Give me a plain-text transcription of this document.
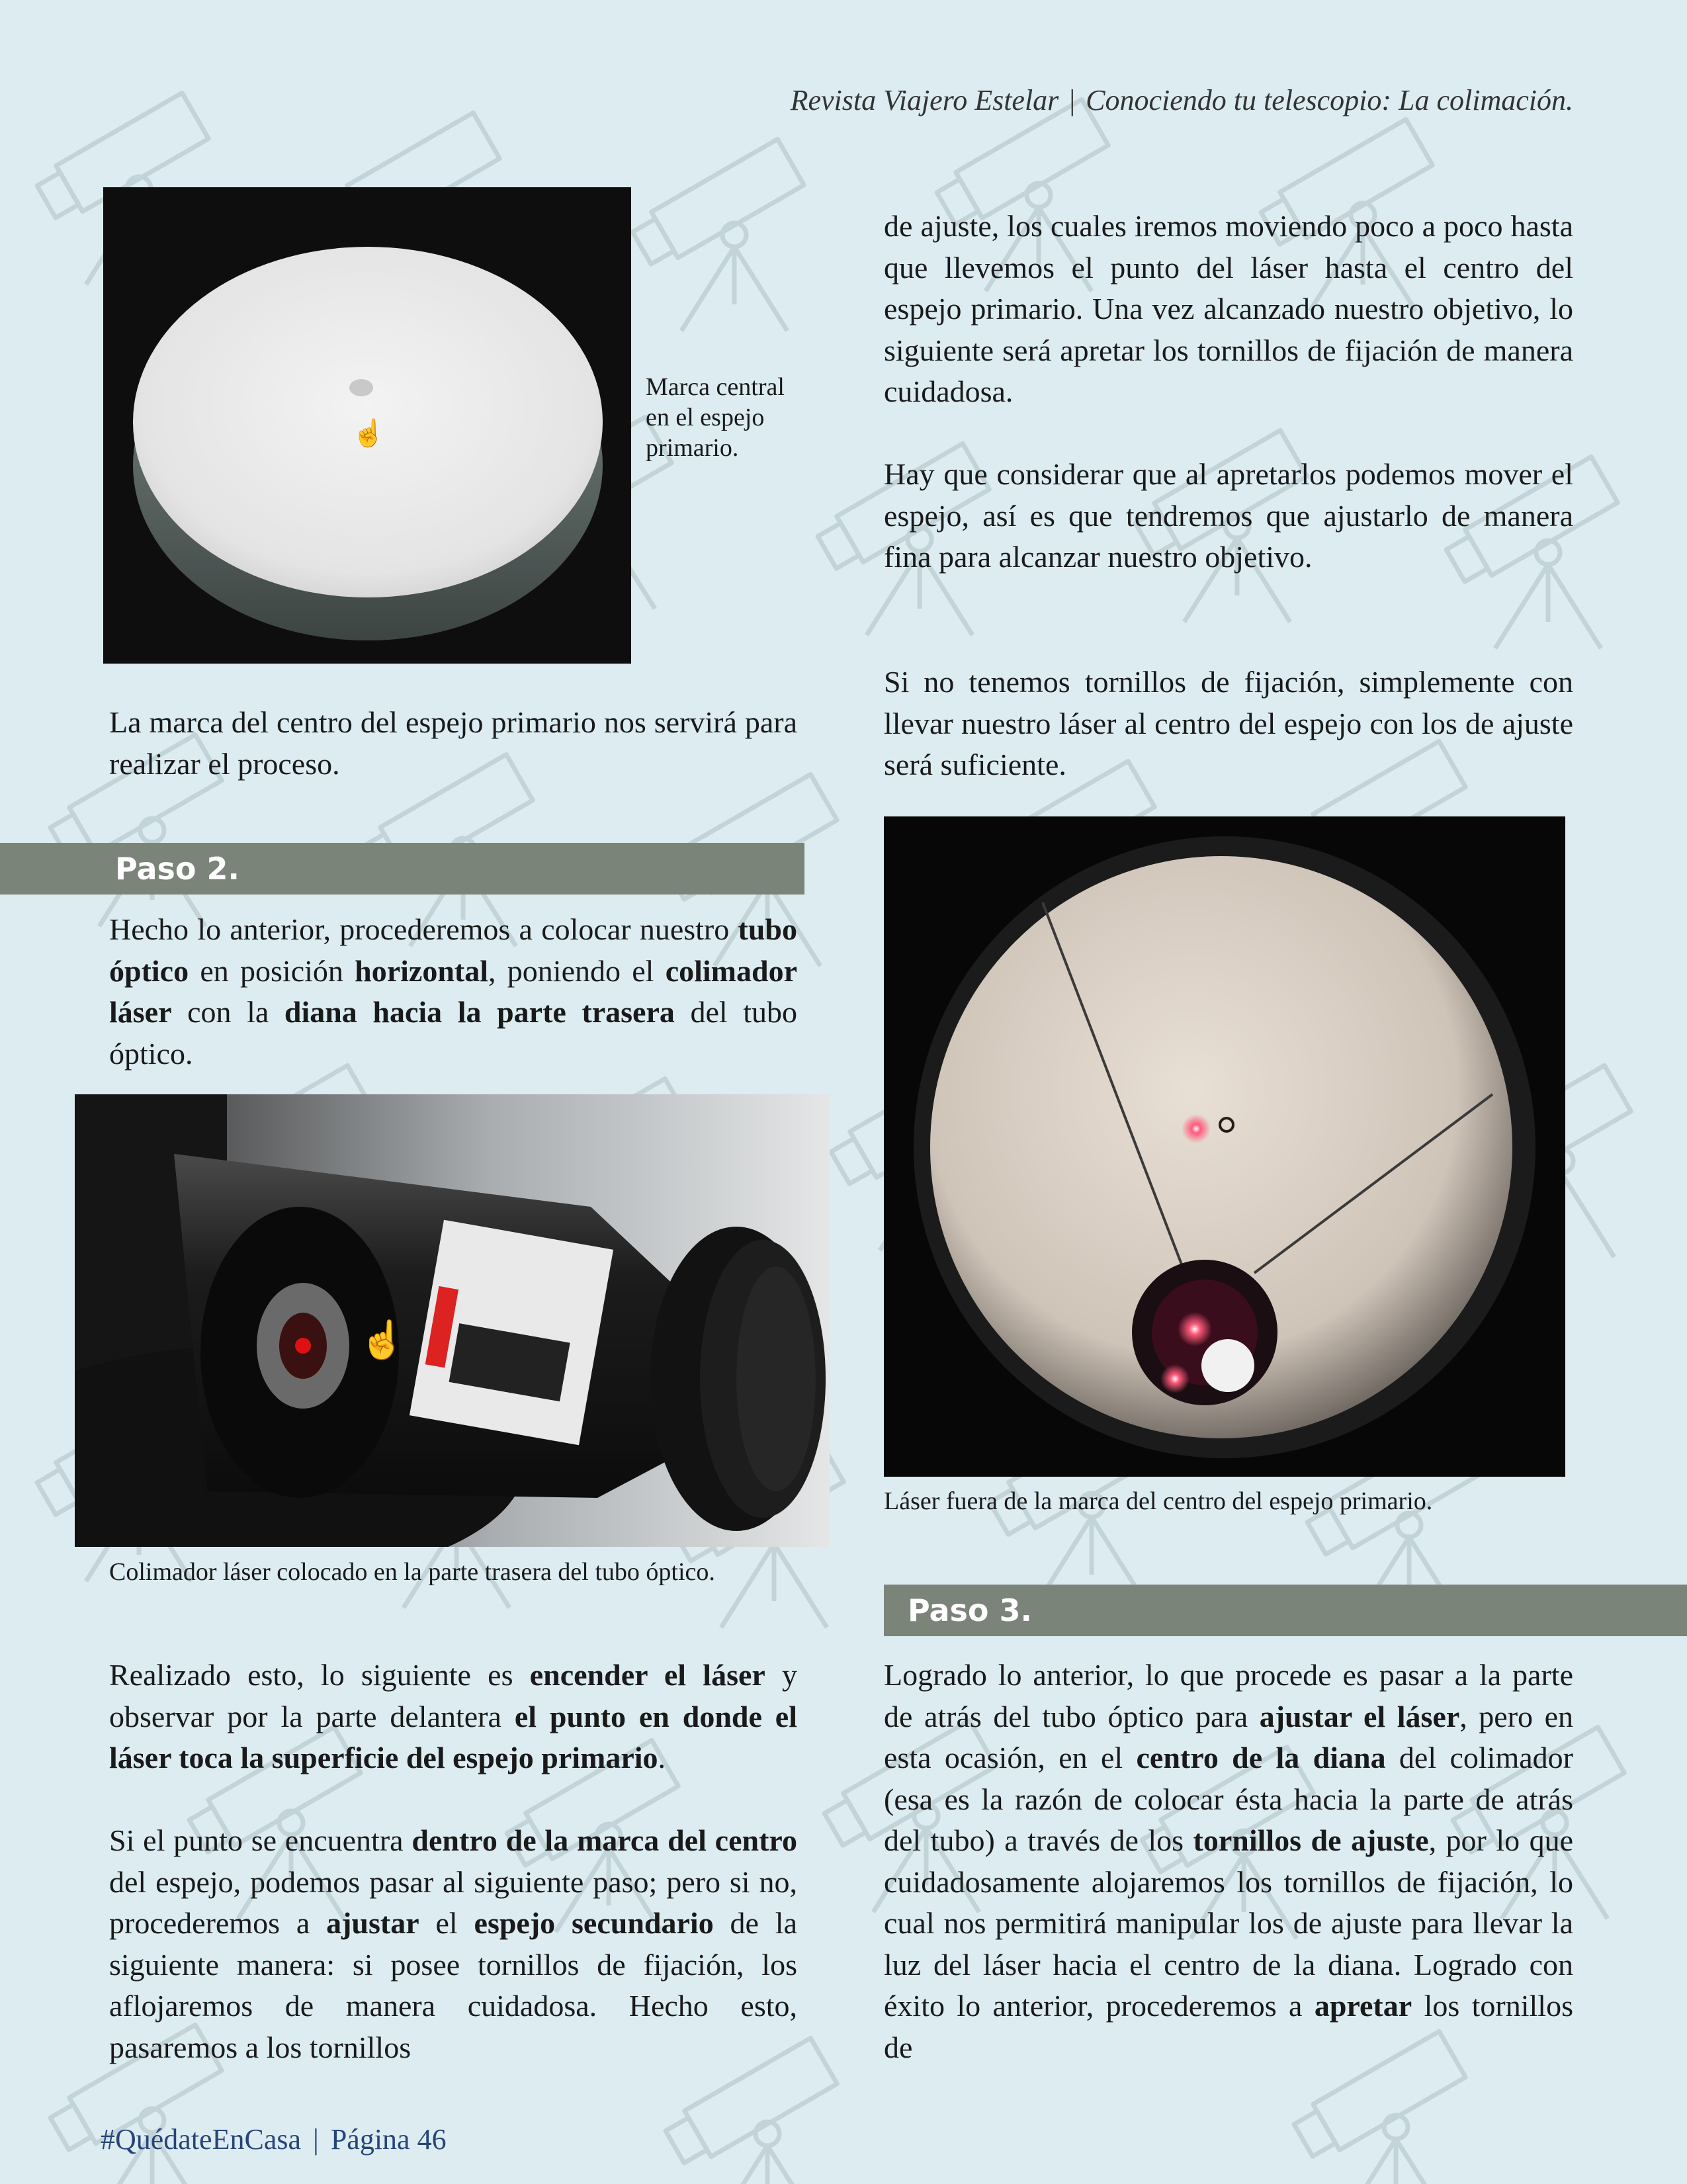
Revista Viajero Estelar | Conociendo tu telescopio: La colimación.
☝
Marca central en el espejo primario.

La marca del centro del espejo primario nos servirá para realizar el proceso.

Paso 2.

Hecho lo anterior, procederemos a colocar nuestro tubo óptico en posición horizontal, poniendo el colimador láser con la diana hacia la parte trasera del tubo óptico.

☝
Colimador láser colocado en la parte trasera del tubo óptico.

Realizado esto, lo siguiente es encender el láser y observar por la parte delantera el punto en donde el láser toca la superficie del espejo primario.

Si el punto se encuentra dentro de la marca del centro del espejo, podemos pasar al siguiente paso; pero si no, procederemos a ajustar el espejo secundario de la siguiente manera: si posee tornillos de fijación, los aflojaremos de manera cuidadosa. Hecho esto, pasaremos a los tornillos

de ajuste, los cuales iremos moviendo poco a poco hasta que llevemos el punto del láser hasta el centro del espejo primario. Una vez alcanzado nuestro objetivo, lo siguiente será apretar los tornillos de fijación de manera cuidadosa.

Hay que considerar que al apretarlos podemos mover el espejo, así es que tendremos que ajustarlo de manera fina para alcanzar nuestro objetivo.

Si no tenemos tornillos de fijación, simplemente con llevar nuestro láser al centro del espejo con los de ajuste será suficiente.

Láser fuera de la marca del centro del espejo primario.
Paso 3.

Logrado lo anterior, lo que procede es pasar a la parte de atrás del tubo óptico para ajustar el láser, pero en esta ocasión, en el centro de la diana del colimador (esa es la razón de colocar ésta hacia la parte de atrás del tubo) a través de los tornillos de ajuste, por lo que cuidadosamente alojaremos los tornillos de fijación, lo cual nos permitirá manipular los de ajuste para llevar la luz del láser hacia el centro de la diana. Logrado con éxito lo anterior, procederemos a apretar los tornillos de

#QuédateEnCasa | Página 46
